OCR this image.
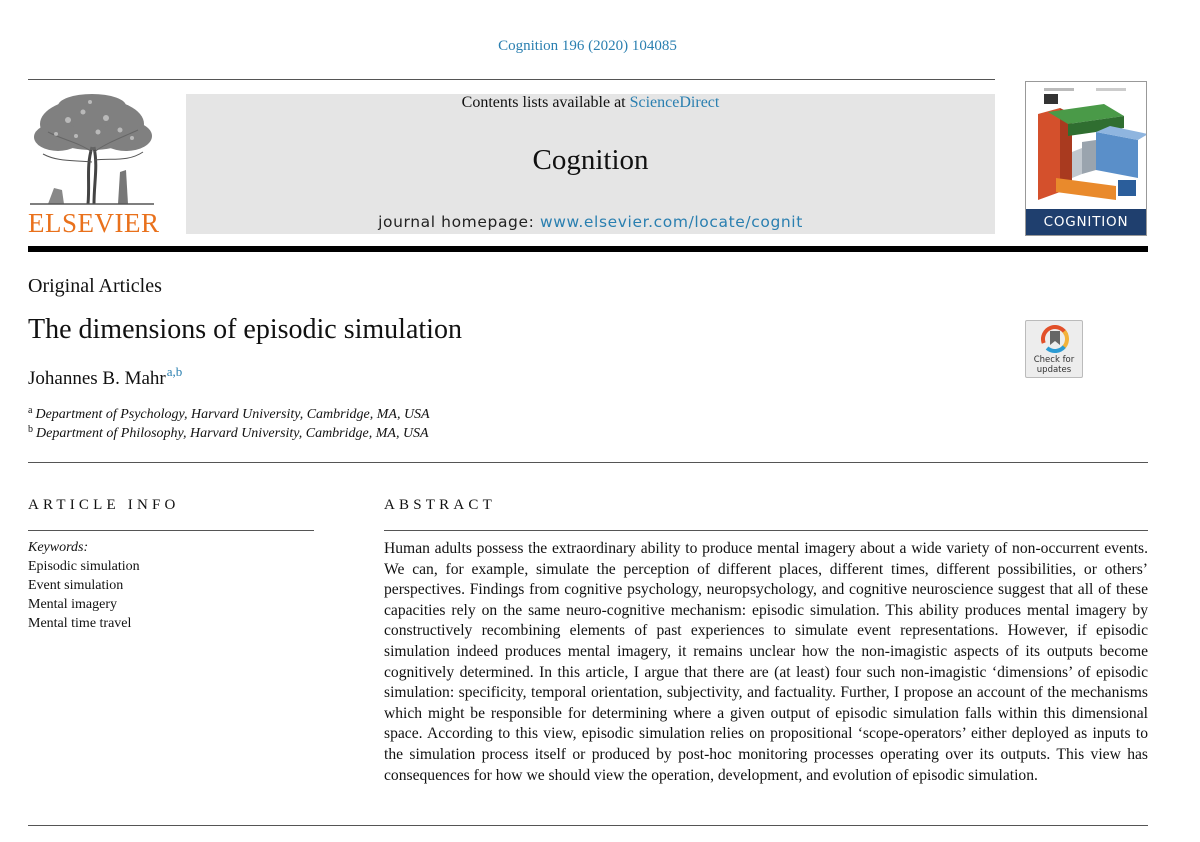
Cognition 196 (2020) 104085
ELSEVIER
Contents lists available at ScienceDirect
Cognition
journal homepage: www.elsevier.com/locate/cognit	COGNITION
Original Articles
The dimensions of episodic simulation
Johannes B. Mahr$^{a,b}$
Check for
updates
$^a$ Department of Psychology, Harvard University, Cambridge, MA, USA
$^b$ Department of Philosophy, Harvard University, Cambridge, MA, USA
ARTICLE INFO
Keywords:
Episodic simulation
Event simulation
Mental imagery
Mental time travel
ABSTRACT
Human adults possess the extraordinary ability to produce mental imagery about a wide variety of non-occurrent events. We can, for example, simulate the perception of different places, different times, different possibilities, or others’ perspectives. Findings from cognitive psychology, neuropsychology, and cognitive neuroscience suggest that all of these capacities rely on the same neuro-cognitive mechanism: episodic simulation. This ability produces mental imagery by constructively recombining elements of past experiences to simulate event representations. However, if episodic simulation indeed produces mental imagery, it remains unclear how the non-imagistic aspects of its outputs become cognitively determined. In this article, I argue that there are (at least) four such non-imagistic ‘dimensions’ of episodic simulation: specificity, temporal orientation, subjectivity, and factuality. Further, I propose an account of the mechanisms which might be responsible for determining where a given output of episodic simulation falls within this dimensional space. According to this view, episodic simulation relies on propositional ‘scope-operators’ either deployed as inputs to the simulation process itself or produced by post-hoc monitoring processes operating over its outputs. This view has consequences for how we should view the operation, development, and evolution of episodic simulation.
